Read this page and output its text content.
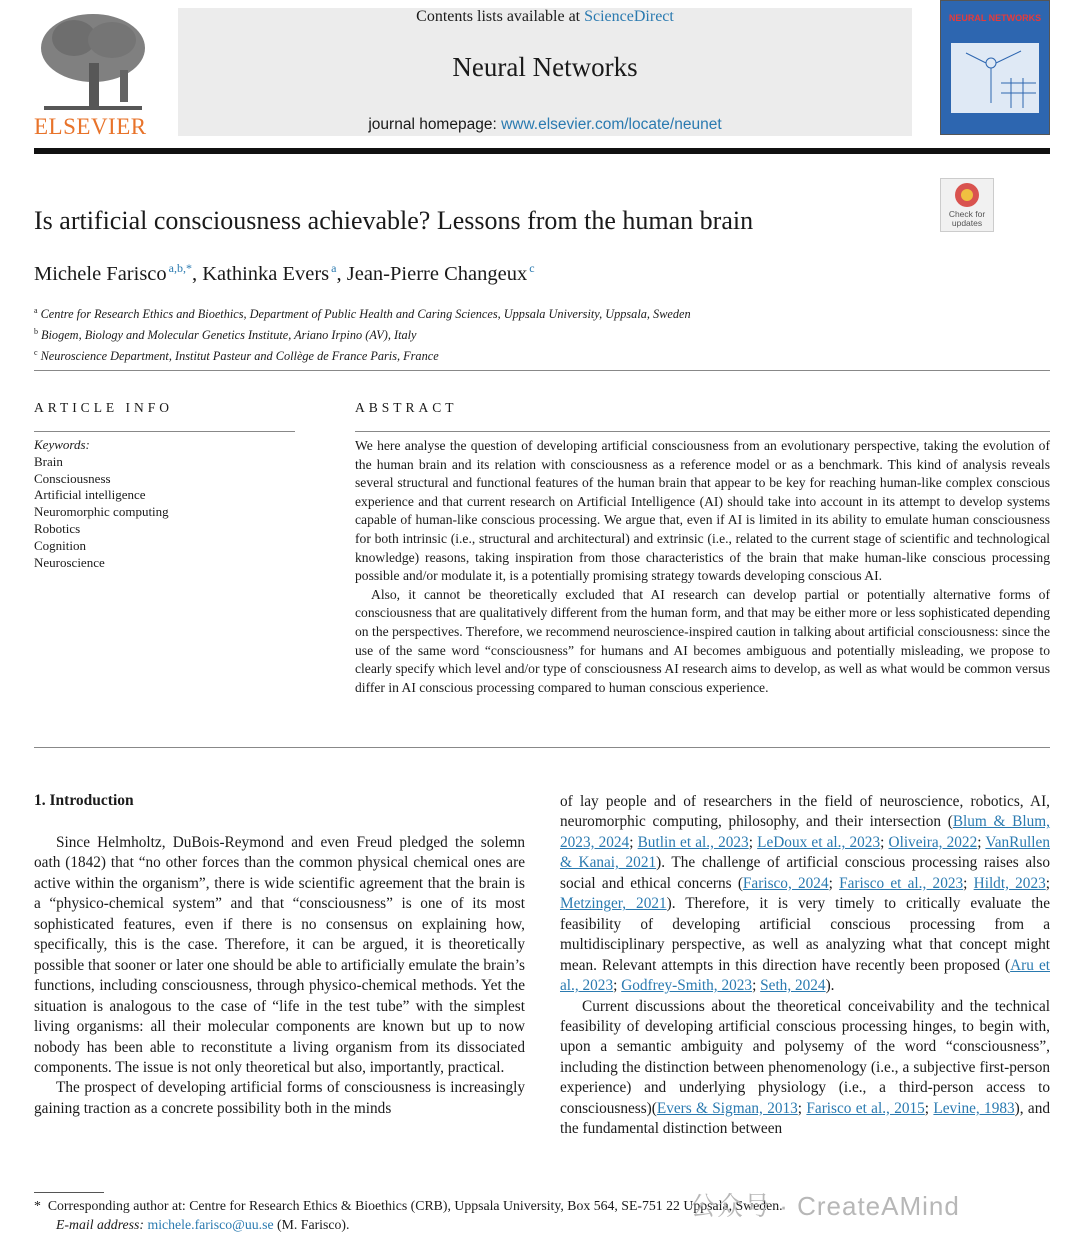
ELSEVIER
Contents lists available at ScienceDirect
Neural Networks
journal homepage: www.elsevier.com/locate/neunet
NEURAL NETWORKS
Check for updates
Is artificial consciousness achievable? Lessons from the human brain
Michele Farisco $^{a,b,*}$, Kathinka Evers $^a$, Jean-Pierre Changeux $^c$
$^a$ Centre for Research Ethics and Bioethics, Department of Public Health and Caring Sciences, Uppsala University, Uppsala, Sweden
$^b$ Biogem, Biology and Molecular Genetics Institute, Ariano Irpino (AV), Italy
$^c$ Neuroscience Department, Institut Pasteur and Collège de France Paris, France
ARTICLE INFO
Keywords:
Brain
Consciousness
Artificial intelligence
Neuromorphic computing
Robotics
Cognition
Neuroscience
ABSTRACT

We here analyse the question of developing artificial consciousness from an evolutionary perspective, taking the evolution of the human brain and its relation with consciousness as a reference model or as a benchmark. This kind of analysis reveals several structural and functional features of the human brain that appear to be key for reaching human-like complex conscious experience and that current research on Artificial Intelligence (AI) should take into account in its attempt to develop systems capable of human-like conscious processing. We argue that, even if AI is limited in its ability to emulate human consciousness for both intrinsic (i.e., structural and architectural) and extrinsic (i.e., related to the current stage of scientific and technological knowledge) reasons, taking inspiration from those characteristics of the brain that make human-like conscious processing possible and/or modulate it, is a potentially promising strategy towards developing conscious AI.

Also, it cannot be theoretically excluded that AI research can develop partial or potentially alternative forms of consciousness that are qualitatively different from the human form, and that may be either more or less sophisticated depending on the perspectives. Therefore, we recommend neuroscience-inspired caution in talking about artificial consciousness: since the use of the same word “consciousness” for humans and AI becomes ambiguous and potentially misleading, we propose to clearly specify which level and/or type of consciousness AI research aims to develop, as well as what would be common versus differ in AI conscious processing compared to human conscious experience.

1. Introduction

Since Helmholtz, DuBois-Reymond and even Freud pledged the solemn oath (1842) that “no other forces than the common physical chemical ones are active within the organism”, there is wide scientific agreement that the brain is a “physico-chemical system” and that “consciousness” is one of its most sophisticated features, even if there is no consensus on explaining how, specifically, this is the case. Therefore, it can be argued, it is theoretically possible that sooner or later one should be able to artificially emulate the brain’s functions, including consciousness, through physico-chemical methods. Yet the situation is analogous to the case of “life in the test tube” with the simplest living organisms: all their molecular components are known but up to now nobody has been able to reconstitute a living organism from its dissociated components. The issue is not only theoretical but also, importantly, practical.

The prospect of developing artificial forms of consciousness is increasingly gaining traction as a concrete possibility both in the minds

of lay people and of researchers in the field of neuroscience, robotics, AI, neuromorphic computing, philosophy, and their intersection (Blum & Blum, 2023, 2024; Butlin et al., 2023; LeDoux et al., 2023; Oliveira, 2022; VanRullen & Kanai, 2021). The challenge of artificial conscious processing raises also social and ethical concerns (Farisco, 2024; Farisco et al., 2023; Hildt, 2023; Metzinger, 2021). Therefore, it is very timely to critically evaluate the feasibility of developing artificial conscious processing from a multidisciplinary perspective, as well as analyzing what that concept might mean. Relevant attempts in this direction have recently been proposed (Aru et al., 2023; Godfrey-Smith, 2023; Seth, 2024).

Current discussions about the theoretical conceivability and the technical feasibility of developing artificial conscious processing hinges, to begin with, upon a semantic ambiguity and polysemy of the word “consciousness”, including the distinction between phenomenology (i.e., a subjective first-person experience) and underlying physiology (i.e., a third-person access to consciousness)(Evers & Sigman, 2013; Farisco et al., 2015; Levine, 1983), and the fundamental distinction between

* Corresponding author at: Centre for Research Ethics & Bioethics (CRB), Uppsala University, Box 564, SE-751 22 Uppsala, Sweden.
E-mail address: michele.farisco@uu.se (M. Farisco).
公众号 · CreateAMind
